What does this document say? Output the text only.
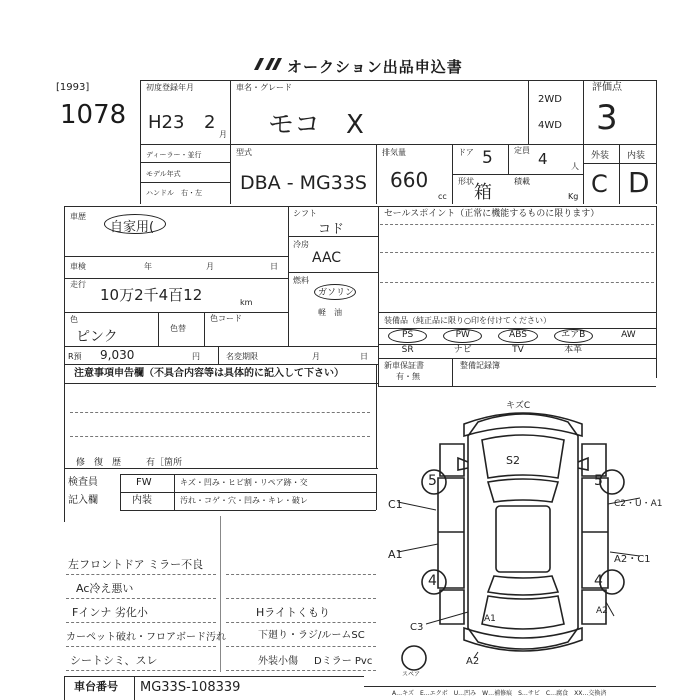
オークション出品申込書
[1993]
1078
初度登録年月
H23 2
月
車名・グレード
モコ　X
2WD
4WD
評価点
3
ディーラー・並行
モデル年式
ハンドル　右・左
型式
DBA - MG33S
排気量
660
cc
ドア 5	定員 4	人
形状
箱
積載
Kg
外装 内装
C D
車歴
自家用(
シフト
コド
冷房
AAC
燃料
ガソリン
軽　油
セールスポイント（正常に機能するものに限ります）
車検	年	月	日
走行
10万2千4百12	km
色
ピンク
色替
色コード
R預 9,030	円	名変期限	月	日
装備品（純正品に限り○印を付けてください）
PS	PW	ABS	エアB	AW
SR	ナビ	TV	本革
新車保証書
有・無
整備記録簿
注意事項申告欄（不具合内容等は具体的に記入して下さい）
修　復　歴	有［箇所
検査員
記入欄
FW	キズ・凹み・ヒビ割・リペア跡・交
内装	汚れ・コゲ・穴・凹み・キレ・破レ
左フロントドア ミラー不良
Ac冷え悪い
Fインナ 劣化小
カーペット破れ・フロアボード汚れ
シートシミ、スレ
Hライトくもり
下廻り・ラジ/ルームSC
外装小傷 Dミラー Pvc
キズC
S2
C1	C2・U・A1
A1	A2・C1
A1
A2
C3
A2
5	5
4	4
スペア
車台番号 MG33S-108339	A…キズ　E…エクボ　U…凹み　W…補修痕　S…サビ　C…腐食　XX…交換済
